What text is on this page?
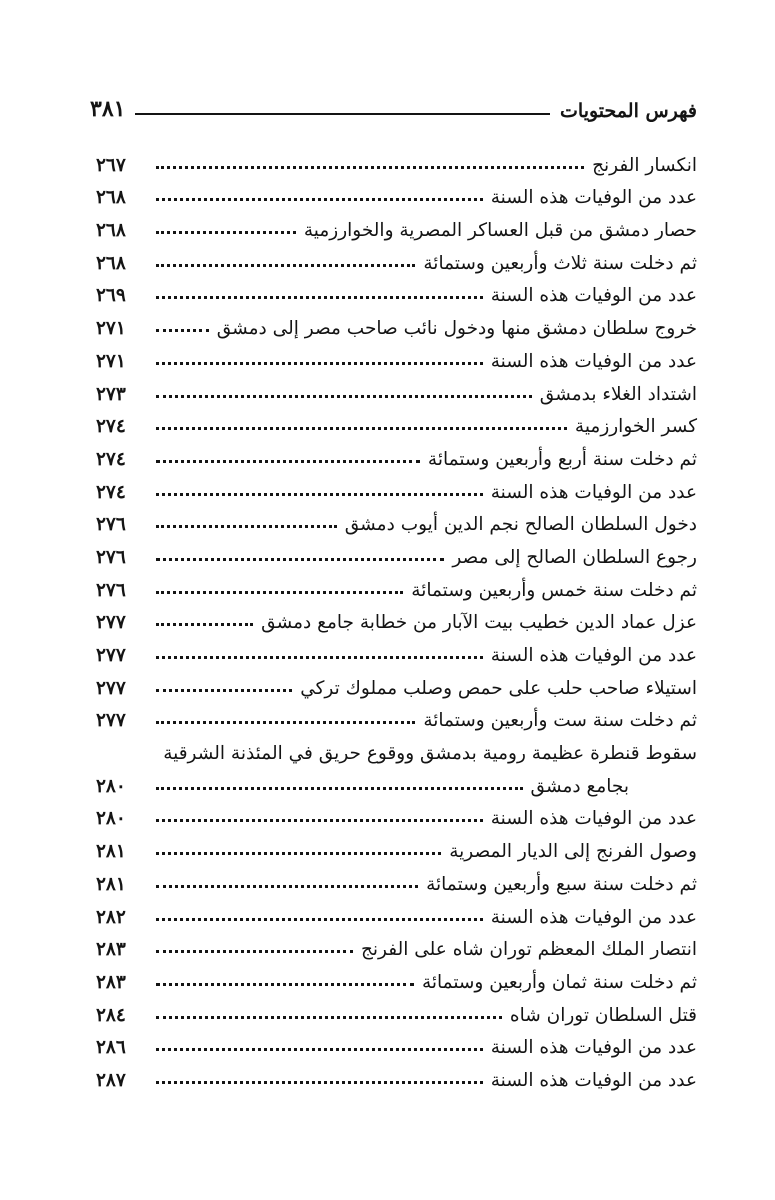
فهرس المحتويات
٣٨١
انكسار الفرنج
٢٦٧
عدد من الوفيات هذه السنة
٢٦٨
حصار دمشق من قبل العساكر المصرية والخوارزمية
٢٦٨
ثم دخلت سنة ثلاث وأربعين وستمائة
٢٦٨
عدد من الوفيات هذه السنة
٢٦٩
خروج سلطان دمشق منها ودخول نائب صاحب مصر إلى دمشق
٢٧١
عدد من الوفيات هذه السنة
٢٧١
اشتداد الغلاء بدمشق
٢٧٣
كسر الخوارزمية
٢٧٤
ثم دخلت سنة أربع وأربعين وستمائة
٢٧٤
عدد من الوفيات هذه السنة
٢٧٤
دخول السلطان الصالح نجم الدين أيوب دمشق
٢٧٦
رجوع السلطان الصالح إلى مصر
٢٧٦
ثم دخلت سنة خمس وأربعين وستمائة
٢٧٦
عزل عماد الدين خطيب بيت الآبار من خطابة جامع دمشق
٢٧٧
عدد من الوفيات هذه السنة
٢٧٧
استيلاء صاحب حلب على حمص وصلب مملوك تركي
٢٧٧
ثم دخلت سنة ست وأربعين وستمائة
٢٧٧
سقوط قنطرة عظيمة رومية بدمشق ووقوع حريق في المئذنة الشرقية
بجامع دمشق
٢٨٠
عدد من الوفيات هذه السنة
٢٨٠
وصول الفرنج إلى الديار المصرية
٢٨١
ثم دخلت سنة سبع وأربعين وستمائة
٢٨١
عدد من الوفيات هذه السنة
٢٨٢
انتصار الملك المعظم توران شاه على الفرنج
٢٨٣
ثم دخلت سنة ثمان وأربعين وستمائة
٢٨٣
قتل السلطان توران شاه
٢٨٤
عدد من الوفيات هذه السنة
٢٨٦
عدد من الوفيات هذه السنة
٢٨٧
